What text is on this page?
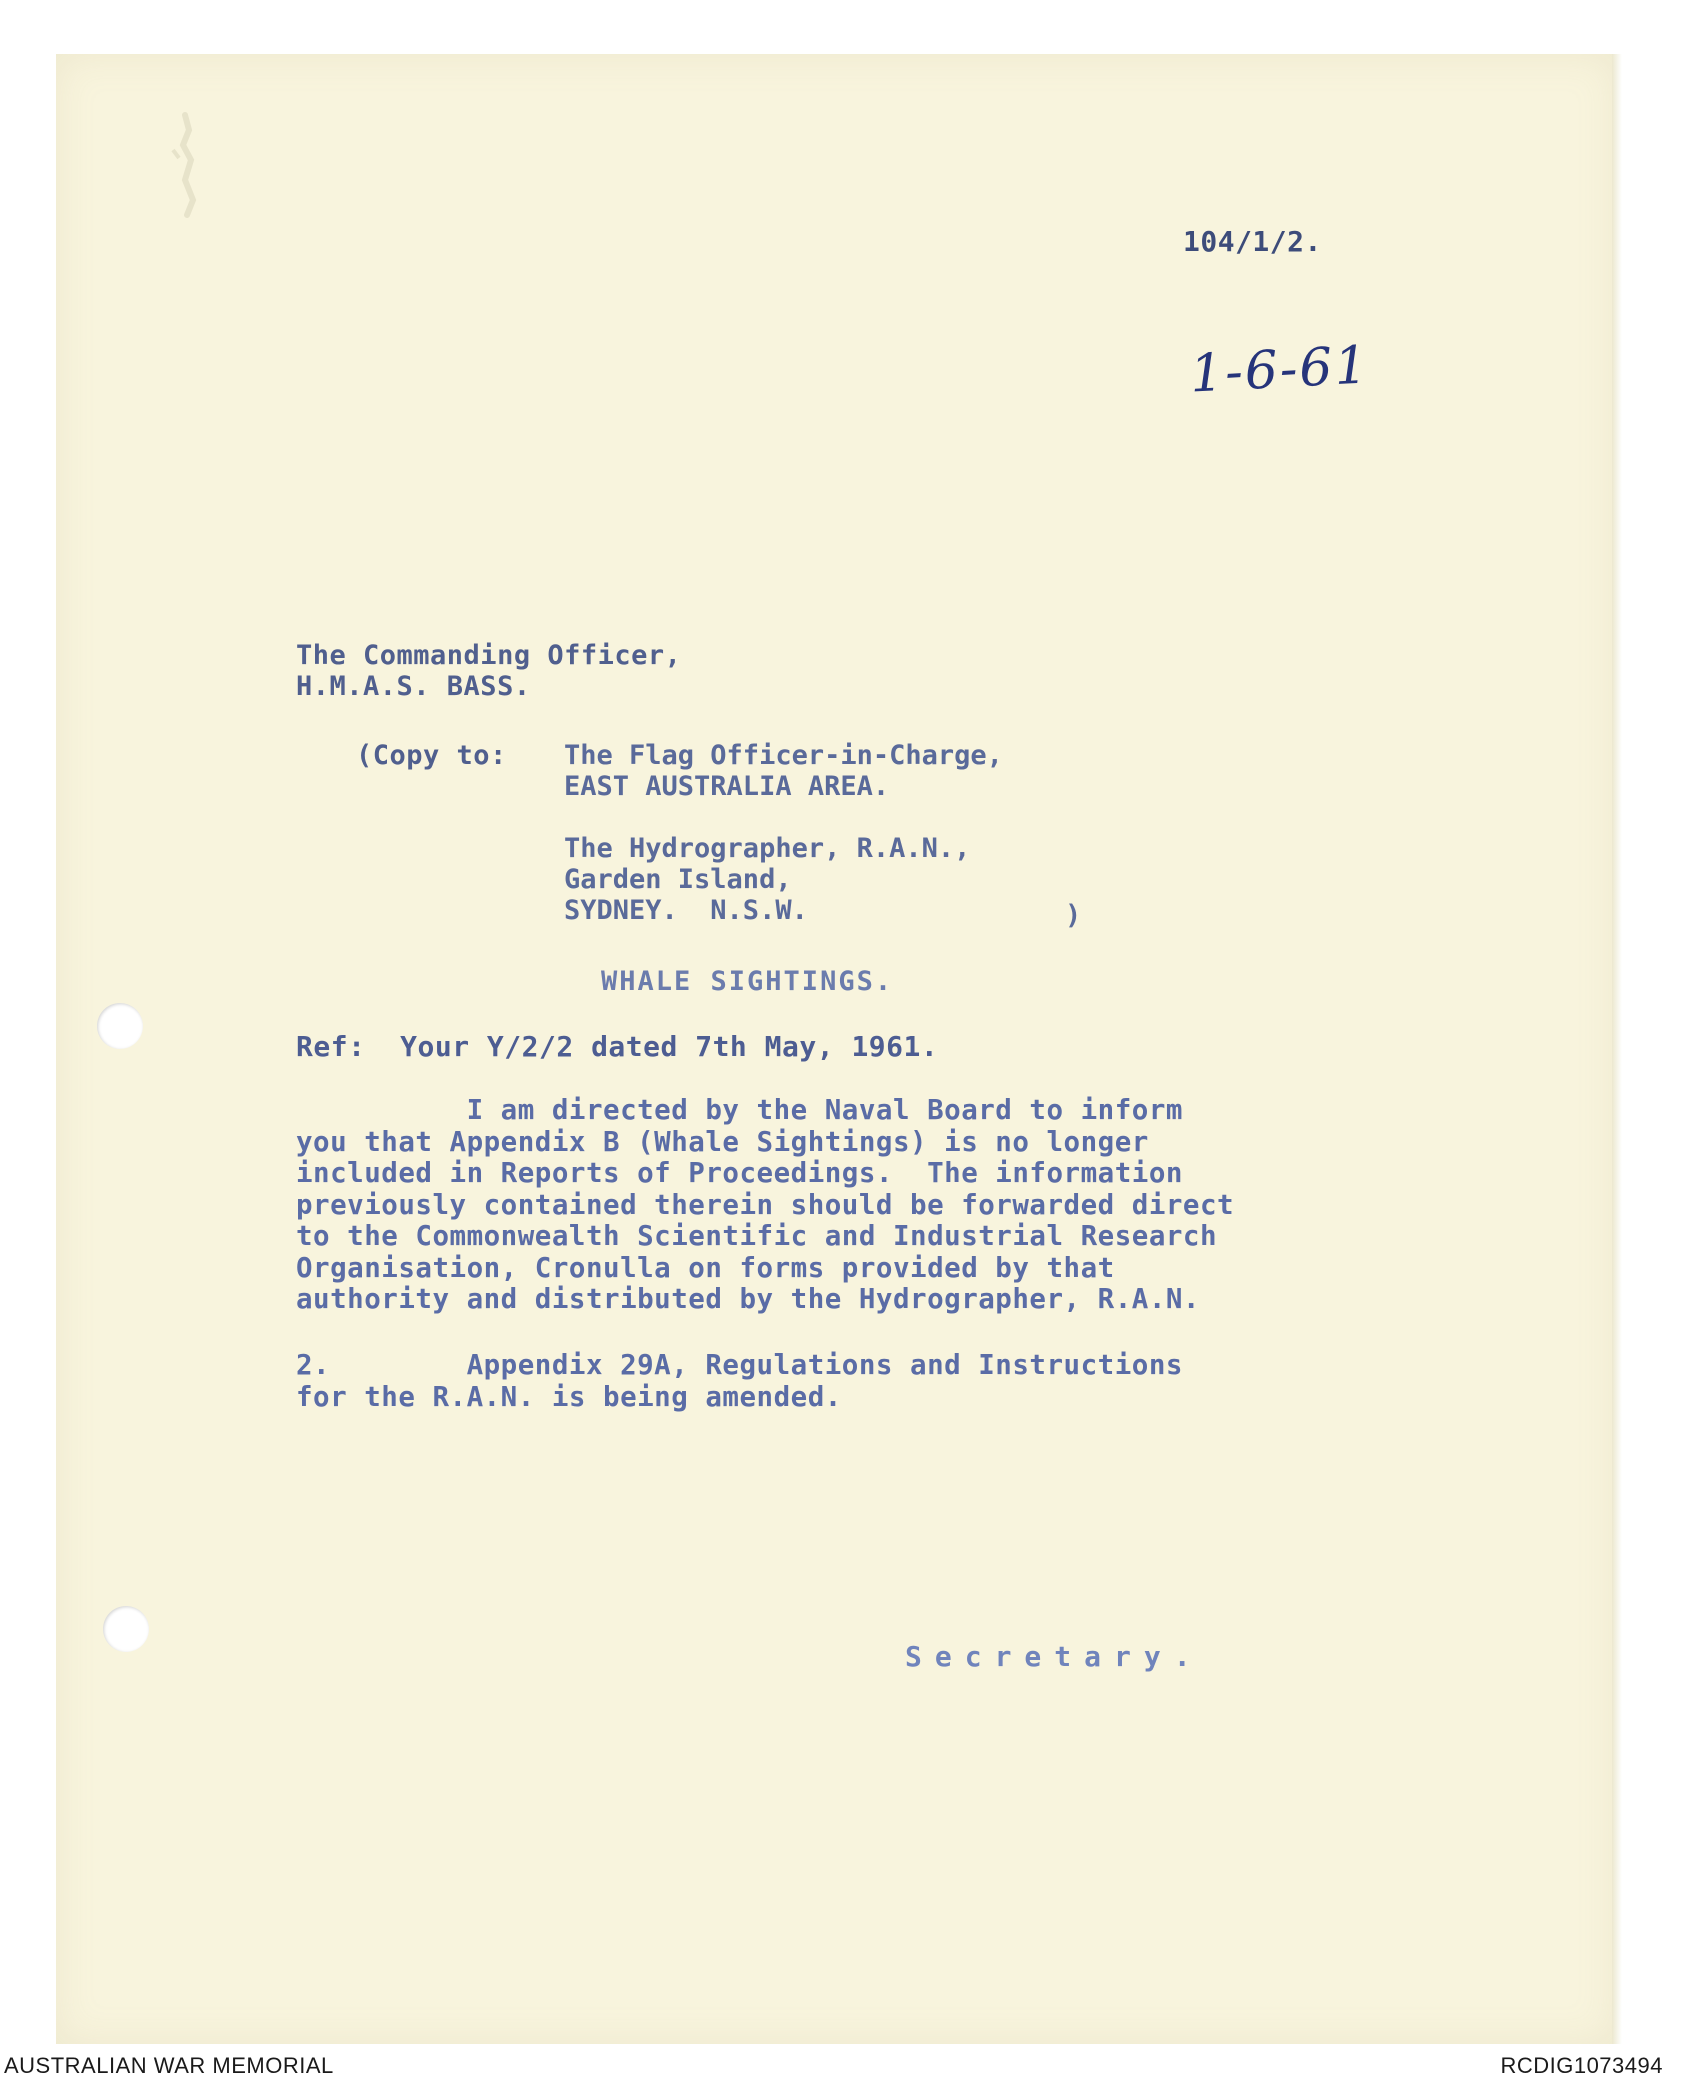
104/1/2.
1-6-61
The Commanding Officer,
H.M.A.S. BASS.
(Copy to: The Flag Officer-in-Charge,
EAST AUSTRALIA AREA.
The Hydrographer, R.A.N.,
Garden Island,
SYDNEY.  N.S.W.	)
WHALE SIGHTINGS.
Ref:  Your Y/2/2 dated 7th May, 1961.
I am directed by the Naval Board to inform
you that Appendix B (Whale Sightings) is no longer
included in Reports of Proceedings.  The information
previously contained therein should be forwarded direct
to the Commonwealth Scientific and Industrial Research
Organisation, Cronulla on forms provided by that
authority and distributed by the Hydrographer, R.A.N.
2.        Appendix 29A, Regulations and Instructions
for the R.A.N. is being amended.
Secretary.
AUSTRALIAN WAR MEMORIAL	RCDIG1073494
